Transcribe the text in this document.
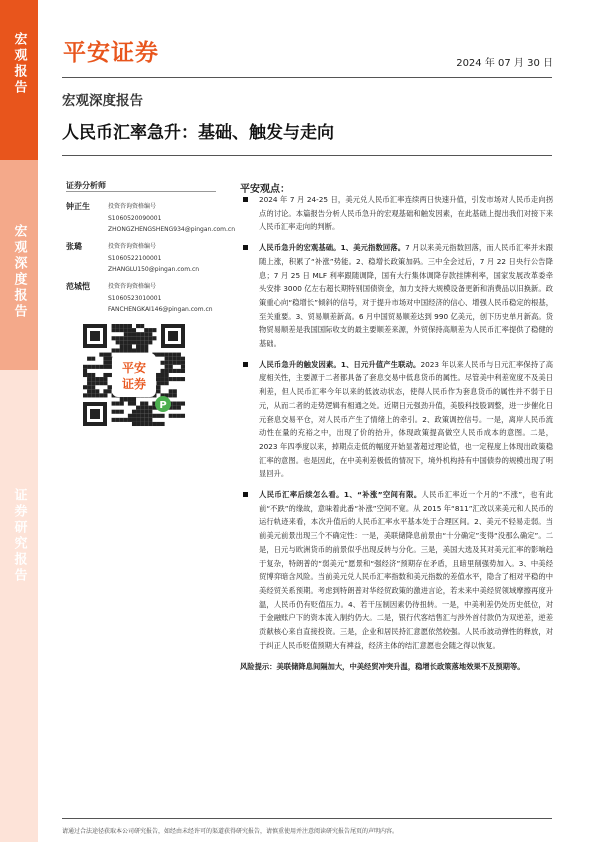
宏观报告
宏观深度报告
证券研究报告
平安证券	2024 年 07 月 30 日
宏观深度报告
人民币汇率急升：基础、触发与走向
证券分析师
钟正生	投资咨询资格编号
S1060520090001
ZHONGZHENGSHENG934@pingan.com.cn
张璐	投资咨询资格编号
S1060522100001
ZHANGLU150@pingan.com.cn
范城恺	投资咨询资格编号
S1060523010001
FANCHENGKAI146@pingan.com.cn
平安
证券
P
平安观点：
2024 年 7 月 24-25 日，美元兑人民币汇率连续两日快速升值，引发市场对人民币走向拐点的讨论。本篇报告分析人民币急升的宏观基础和触发因素，在此基础上提出我们对接下来人民币汇率走向的判断。
人民币急升的宏观基础。1、美元指数回落。7 月以来美元指数回落，而人民币汇率并未跟随上涨，积累了“补涨”势能。2、稳增长政策加码。三中全会过后，7 月 22 日央行公告降息；7 月 25 日 MLF 利率跟随调降，国有大行集体调降存款挂牌利率，国家发展改革委牵头安排 3000 亿左右超长期特别国债资金，加力支持大规模设备更新和消费品以旧换新。政策重心向“稳增长”倾斜的信号，对于提升市场对中国经济的信心、增强人民币稳定的根基，至关重要。3、贸易顺差新高。6 月中国贸易顺差达到 990 亿美元，创下历史单月新高。货物贸易顺差是我国国际收支的最主要顺差来源，外贸保持高顺差为人民币汇率提供了稳健的基础。
人民币急升的触发因素。1、日元升值产生联动。2023 年以来人民币与日元汇率保持了高度相关性，主要源于二者都具备了套息交易中低息货币的属性。尽管美中利差宽度不及美日利差，但人民币汇率今年以来的低波动状态，使得人民币作为套息货币的属性并不弱于日元，从而二者的走势逻辑有相通之处。近期日元强劲升值，美股科技股调整，进一步催化日元套息交易平仓，对人民币产生了情绪上的牵引。2、政策调控信号。一是，离岸人民币流动性在量的充裕之中，出现了价的抬升，体现政策提高做空人民币成本的意图。二是，2023 年四季度以来，掉期点走低的幅度开始显著超过理论值，也一定程度上体现出政策稳汇率的意图。也是因此，在中美利差极低的情况下，境外机构持有中国债券的规模出现了明显回升。
人民币汇率后续怎么看。1、“补涨”空间有限。人民币汇率近一个月的“不涨”，也有此前“不跌”的缘故，意味着此番“补涨”空间不宽。从 2015 年“811”汇改以来美元和人民币的运行轨迹来看，本次升值后的人民币汇率水平基本处于合理区间。2、美元不轻易走弱。当前美元前景出现三个不确定性：一是，美联储降息前景由“十分确定”变得“没那么确定”。二是，日元与欧洲货币的前景似乎出现反转与分化。三是，美国大选及其对美元汇率的影响趋于复杂，特朗普的“弱美元”愿景和“强经济”预期存在矛盾，且暗里削强势加入。3、中美经贸博弈暗含风险。当前美元兑人民币汇率指数和美元指数的差值水平，隐含了相对平稳的中美经贸关系预期。考虑到特朗普对华经贸政策的激进言论，若未来中美经贸领域摩擦再度升温，人民币仍有贬值压力。4、若干压制因素仍待扭转。一是，中美利差仍处历史低位，对于金融账户下的资本流入制约仍大。二是，银行代客结售汇与涉外首付款仍为双逆差，逆差贡献核心来自直接投资。三是，企业和居民持汇意愿依然较强。人民币波动弹性的释放，对于纠正人民币贬值预期大有裨益，经济主体的结汇意愿也会随之得以恢复。
风险提示：美联储降息间隔加大，中美经贸冲突升温，稳增长政策落地效果不及预期等。
请通过合法途径获取本公司研究报告，如经由未经许可的渠道获得研究报告，请慎重使用并注意阅读研究报告尾页的声明内容。
